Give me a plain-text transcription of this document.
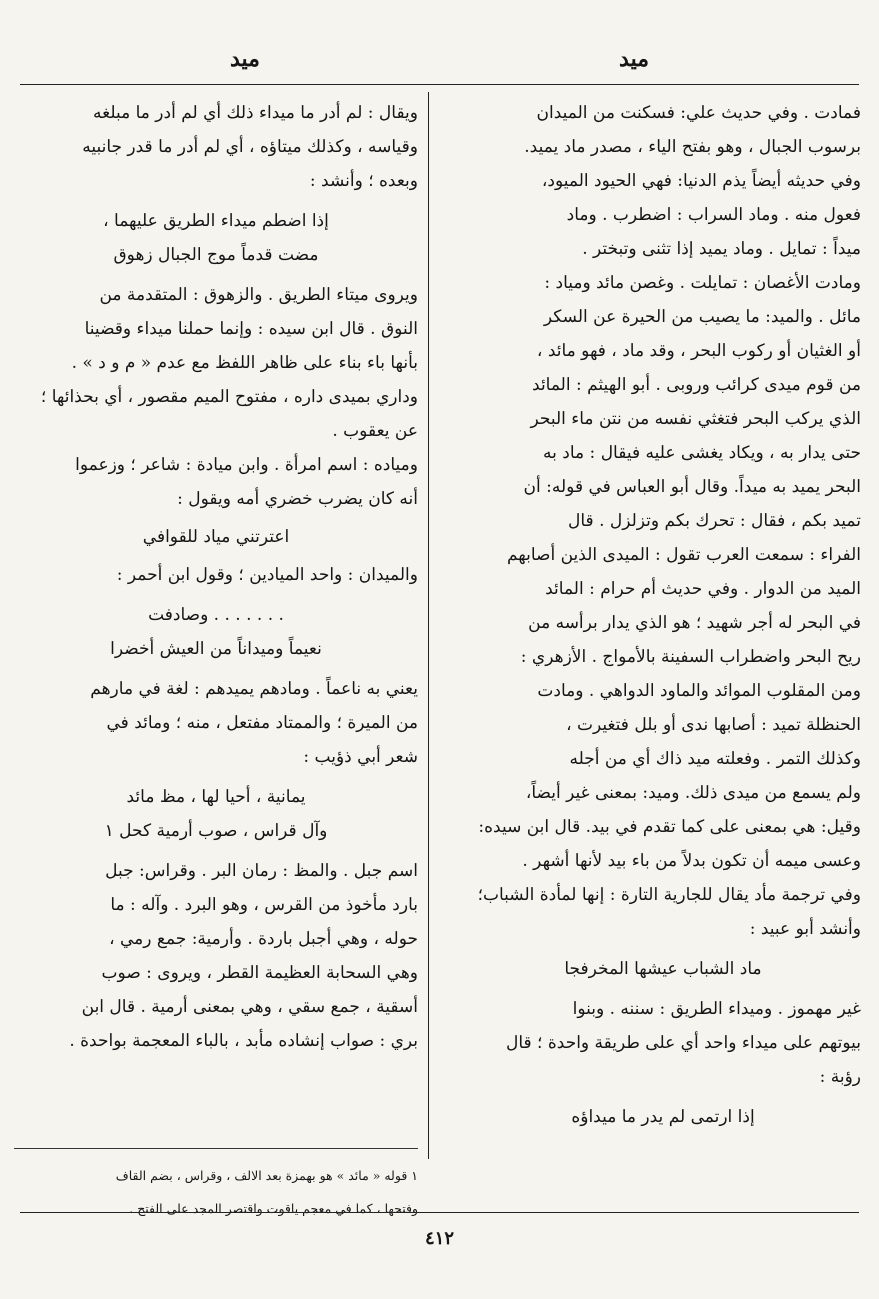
ميد
ميد

فمادت . وفي حديث علي: فسكنت من الميدان

برسوب الجبال ، وهو بفتح الياء ، مصدر ماد يميد.

وفي حديثه أيضاً يذم الدنيا: فهي الحيود الميود،

فعول منه . وماد السراب : اضطرب . وماد

ميداً : تمايل . وماد يميد إذا تثنى وتبختر .

ومادت الأغصان : تمايلت . وغصن مائد ومياد :

مائل . والميد: ما يصيب من الحيرة عن السكر

أو الغثيان أو ركوب البحر ، وقد ماد ، فهو مائد ،

من قوم ميدى كرائب وروبى . أبو الهيثم : المائد

الذي يركب البحر فتغثي نفسه من نتن ماء البحر

حتى يدار به ، ويكاد يغشى عليه فيقال : ماد به

البحر يميد به ميداً. وقال أبو العباس في قوله: أن

تميد بكم ، فقال : تحرك بكم وتزلزل . قال

الفراء : سمعت العرب تقول : الميدى الذين أصابهم

الميد من الدوار . وفي حديث أم حرام : المائد

في البحر له أجر شهيد ؛ هو الذي يدار برأسه من

ريح البحر واضطراب السفينة بالأمواج . الأزهري :

ومن المقلوب الموائد والماود الدواهي . ومادت

الحنظلة تميد : أصابها ندى أو بلل فتغيرت ،

وكذلك التمر . وفعلته ميد ذاك أي من أجله

ولم يسمع من ميدى ذلك. وميد: بمعنى غير أيضاً،

وقيل: هي بمعنى على كما تقدم في بيد. قال ابن سيده:

وعسى ميمه أن تكون بدلاً من باء بيد لأنها أشهر .

وفي ترجمة مأد يقال للجارية التارة : إنها لمأدة الشباب؛

وأنشد أبو عبيد :

ماد الشباب عيشها المخرفجا

غير مهموز . وميداء الطريق : سننه . وبنوا

بيوتهم على ميداء واحد أي على طريقة واحدة ؛ قال

رؤبة :

إذا ارتمى لم يدر ما ميداؤه

ويقال : لم أدر ما ميداء ذلك أي لم أدر ما مبلغه

وقياسه ، وكذلك ميتاؤه ، أي لم أدر ما قدر جانبيه

وبعده ؛ وأنشد :

إذا اضطم ميداء الطريق عليهما ،

مضت قدماً موج الجبال زهوق

ويروى ميتاء الطريق . والزهوق : المتقدمة من

النوق . قال ابن سيده : وإنما حملنا ميداء وقضينا

بأنها باء بناء على ظاهر اللفظ مع عدم « م و د » .

وداري بميدى داره ، مفتوح الميم مقصور ، أي بحذائها ؛

عن يعقوب .

ومياده : اسم امرأة . وابن ميادة : شاعر ؛ وزعموا

أنه كان يضرب خضري أمه ويقول :

اعترتني مياد للقوافي

والميدان : واحد الميادين ؛ وقول ابن أحمر :

. . . . . . . وصادفت

نعيماً وميداناً من العيش أخضرا

يعني به ناعماً . ومادهم يميدهم : لغة في مارهم

من الميرة ؛ والممتاد مفتعل ، منه ؛ ومائد في

شعر أبي ذؤيب :

يمانية ، أحيا لها ، مظ مائد

وآل قراس ، صوب أرمية كحل ١

اسم جبل . والمظ : رمان البر . وقراس: جبل

بارد مأخوذ من القرس ، وهو البرد . وآله : ما

حوله ، وهي أجبل باردة . وأرمية: جمع رمي ،

وهي السحابة العظيمة القطر ، ويروى : صوب

أسقية ، جمع سقي ، وهي بمعنى أرمية . قال ابن

بري : صواب إنشاده مأبد ، بالباء المعجمة بواحدة .

١ قوله « مائد » هو بهمزة بعد الالف ، وقراس ، بضم القاف

وفتحها ، كما في معجم ياقوت واقتصر المجد على الفتح .

٤١٢
